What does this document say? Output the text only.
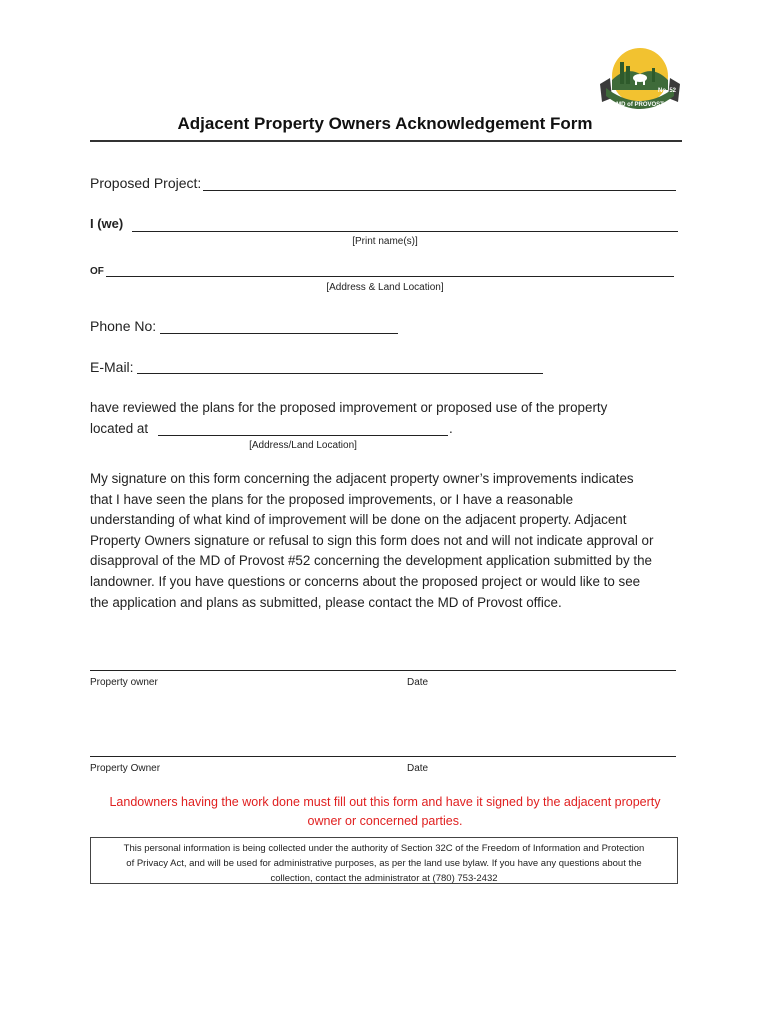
No. 52
MD of PROVOST
Adjacent Property Owners Acknowledgement Form
Proposed Project:
I (we)
[Print name(s)]
OF
[Address & Land Location]
Phone No:
E-Mail:
have reviewed the plans for the proposed improvement or proposed use of the property
located at	.
[Address/Land Location]
My signature on this form concerning the adjacent property owner’s improvements indicates
that I have seen the plans for the proposed improvements, or I have a reasonable
understanding of what kind of improvement will be done on the adjacent property. Adjacent
Property Owners signature or refusal to sign this form does not and will not indicate approval or
disapproval of the MD of Provost #52 concerning the development application submitted by the
landowner. If you have questions or concerns about the proposed project or would like to see
the application and plans as submitted, please contact the MD of Provost office.
Property owner	Date
Property Owner	Date
Landowners having the work done must fill out this form and have it signed by the adjacent property
owner or concerned parties.
This personal information is being collected under the authority of Section 32C of the Freedom of Information and Protection
of Privacy Act, and will be used for administrative purposes, as per the land use bylaw. If you have any questions about the
collection, contact the administrator at (780) 753-2432
